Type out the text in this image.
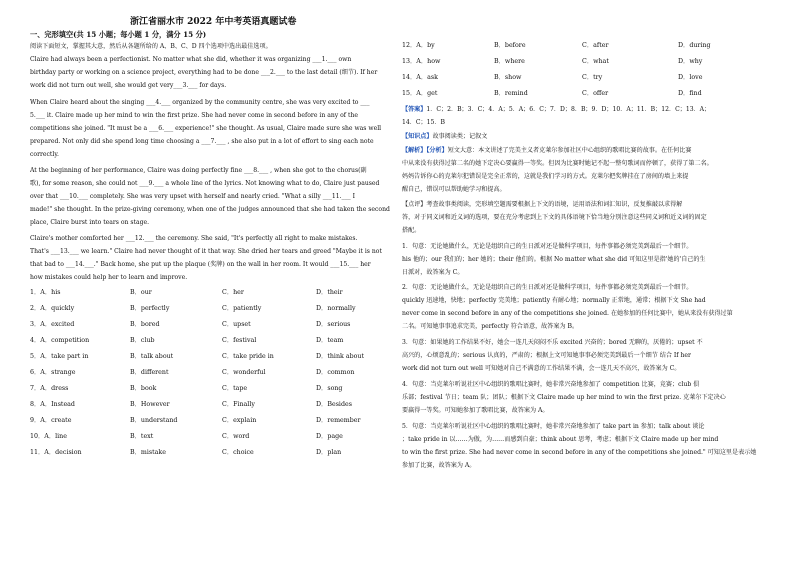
浙江省丽水市 2022 年中考英语真题试卷
一、完形填空(共 15 小题；每小题 1 分，满分 15 分)
阅读下面短文，掌握其大意，然后从各题所给的 A、B、C、D 四个选项中选出最佳选项。
Claire had always been a perfectionist. No matter what she did, whether it was organizing ___1.___ own
birthday party or working on a science project, everything had to be done ___2.___ to the last detail (细节). If her
work did not turn out well, she would get very___3.___ for days.
When Claire heard about the singing ___4.___ organized by the community centre, she was very excited to ___
5.___ it. Claire made up her mind to win the first prize. She had never come in second before in any of the
competitions she joined. "It must be a ___6.___ experience!" she thought. As usual, Claire made sure she was well
prepared. Not only did she spend long time choosing a ___7.___ , she also put in a lot of effort to sing each note
correctly.
At the beginning of her performance, Claire was doing perfectly fine ___8.___ , when she got to the chorus(副
歌), for some reason, she could not ___9.___ a whole line of the lyrics. Not knowing what to do, Claire just paused
over that ___10.___ completely. She was very upset with herself and nearly cried. "What a silly ___11.___ I
made!" she thought. In the prize-giving ceremony, when one of the judges announced that she had taken the second
place, Claire burst into tears on stage.
Claire's mother comforted her ___12.___ the ceremony. She said, "It's perfectly all right to make mistakes.
That's ___13.___ we learn." Claire had never thought of it that way. She dried her tears and greed "Maybe it is not
that bad to ___14.___." Back home, she put up the plaque (奖牌) on the wall in her room. It would ___15.___ her
how mistakes could help her to learn and improve.
1．A．his	B．our	C．her	D．their
2．A．quickly	B．perfectly	C．patiently	D．normally
3．A．excited	B．bored	C．upset	D．serious
4．A．competition	B．club	C．festival	D．team
5．A．take part in	B．talk about	C．take pride in	D．think about
6．A．strange	B．different	C．wonderful	D．common
7．A．dress	B．book	C．tape	D．song
8．A．Instead	B．However	C．Finally	D．Besides
9．A．create	B．understand	C．explain	D．remember
10．A．line	B．text	C．word	D．page
11．A．decision	B．mistake	C．choice	D．plan
12．A．by	B．before	C．after	D．during
13．A．how	B．where	C．what	D．why
14．A．ask	B．show	C．try	D．love
15．A．get	B．remind	C．offer	D．find
【答案】1．C；2．B；3．C；4．A；5．A；6．C；7．D；8．B；9．D；10．A；11．B；12．C；13．A；
14．C；15．B
【知识点】故事阅读类；记叙文
【解析】【分析】短文大意：本文讲述了完美主义者克莱尔参加社区中心组织的歌唱比赛的故事。在任何比赛
中从来没有获得过第二名的她下定决心要赢得一等奖。但因为比赛时她记不起一整句歌词而停顿了，获得了第二名。
妈妈告诉你心的克莱尔犯错误是完全正常的，这就是我们学习的方式。克莱尔把奖牌挂在了房间的墙上来提
醒自己，错误可以帮助她学习和提高。
【点评】考查故事类阅读，完形填空题需要根据上下文的语境，运用语法和词汇知识，反复推敲以求得解
答，对于同义词和近义词的选项，要在充分考虑到上下文的具体语境下恰当地分别注意这些同义词和近义词的固定
搭配。
1．句意：无论她做什么，无论是组织自己的生日派对还是做科学项目，每件事都必须完美到最后一个细节。
his 他的；our 我们的；her 她的；their 他们的。根据 No matter what she did 可知这里是指'她的'自己的生
日派对，故答案为 C。
2．句意：无论她做什么，无论是组织自己的生日派对还是做科学项目，每件事都必须完美到最后一个细节。
quickly 迅速地，快地；perfectly 完美地；patiently 有耐心地；normally 正常地，通常；根据下文 She had
never come in second before in any of the competitions she joined. 在她参加的任何比赛中，她从来没有获得过第
二名。可知她事事追求完美，perfectly 符合语意，故答案为 B。
3．句意：如果她的工作结果不好，她会一连几天闷闷不乐 excited 兴奋的；bored 无聊的，厌倦的；upset 不
高兴的，心烦意乱的；serious 认真的，严肃的；根据上文可知她事事必须完美到最后一个细节 结合 If her
work did not turn out well 可知她对自己不满意的工作结果不满，会一连几天不高兴，故答案为 C。
4．句意：当克莱尔听说社区中心组织的歌唱比赛时，她非常兴奋地参加了 competition 比赛，竞赛；club 俱
乐部；festival 节日；team 队；团队；根据下文 Claire made up her mind to win the first prize. 克莱尔下定决心
要赢得一等奖。可知她参加了歌唱比赛，故答案为 A。
5．句意：当克莱尔听说社区中心组织的歌唱比赛时，她非常兴奋地参加了 take part in 参加；talk about 谈论
；take pride in 以……为傲，为……而感到自豪；think about 思考，考虑；根据下文 Claire made up her mind
to win the first prize. She had never come in second before in any of the competitions she joined." 可知这里是表示她
参加了比赛，故答案为 A。
